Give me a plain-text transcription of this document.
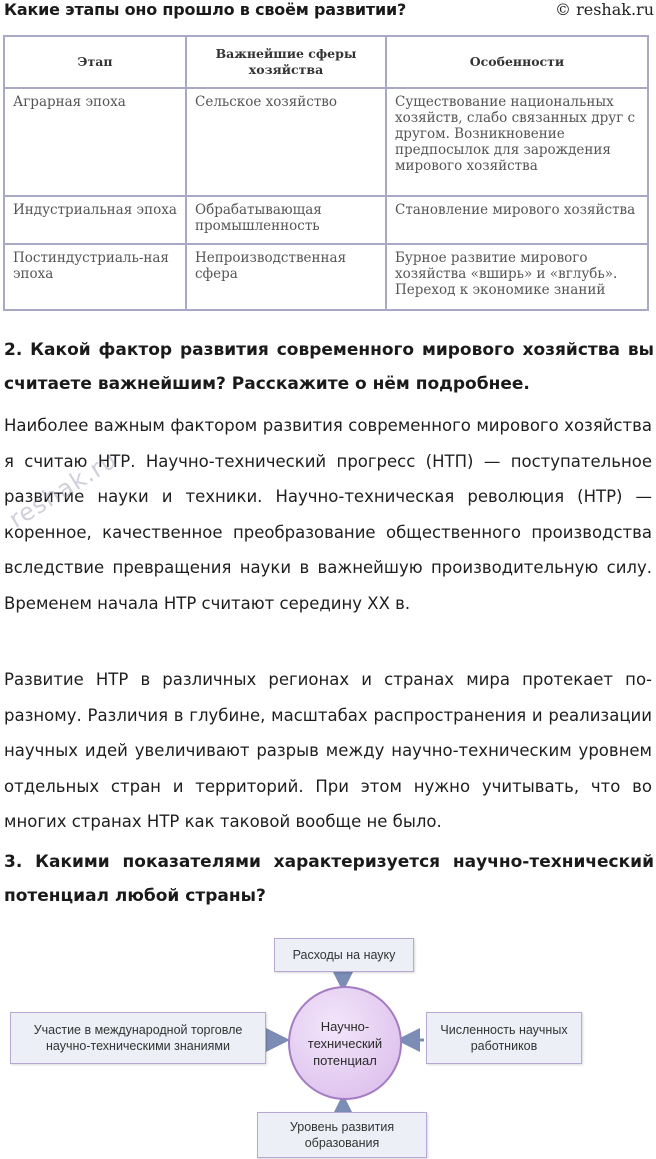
Какие этапы оно прошло в своём развитии?	© reshak.ru
Этап	Важнейшие сферы хозяйства	Особенности
Аграрная эпоха	Сельское хозяйство	Существование национальных хозяйств, слабо связанных друг с другом. Возникновение предпосылок для зарождения мирового хозяйства
Индустриальная эпоха	Обрабатывающая промышленность	Становление мирового хозяйства
Постиндустриаль-ная эпоха	Непроизводственная сфера	Бурное развитие мирового хозяйства «вширь» и «вглубь». Переход к экономике знаний
2. Какой фактор развития современного мирового хозяйства вы считаете важнейшим? Расскажите о нём подробнее.
Наиболее важным фактором развития современного мирового хозяйства я считаю НТР. Научно-технический прогресс (НТП) — поступательное развитие науки и техники. Научно-техническая революция (НТР) — коренное, качественное преобразование общественного производства вследствие превращения науки в важнейшую производительную силу. Временем начала НТР считают середину XX в.
Развитие НТР в различных регионах и странах мира протекает по-разному. Различия в глубине, масштабах распространения и реализации научных идей увеличивают разрыв между научно-техническим уровнем отдельных стран и территорий. При этом нужно учитывать, что во многих странах НТР как таковой вообще не было.
3. Какими показателями характеризуется научно-технический потенциал любой страны?
reshak.ru
Расходы на науку
Участие в международной торговле научно-техническими знаниями
Численность научных работников
Уровень развития образования
Научно-технический потенциал
